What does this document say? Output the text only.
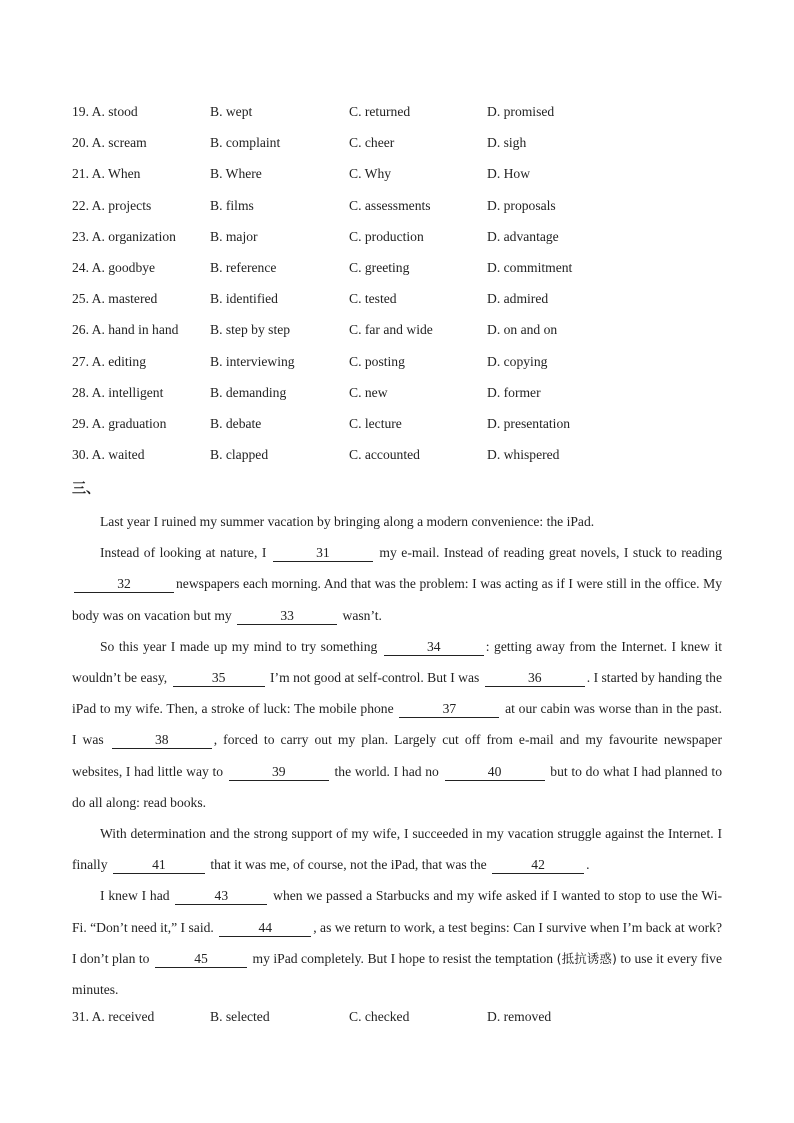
19. A. stood	B. wept	C. returned	D. promised
20. A. scream	B. complaint	C. cheer	D. sigh
21. A. When	B. Where	C. Why	D. How
22. A. projects	B. films	C. assessments	D. proposals
23. A. organization	B. major	C. production	D. advantage
24. A. goodbye	B. reference	C. greeting	D. commitment
25. A. mastered	B. identified	C. tested	D. admired
26. A. hand in hand B. step by step	C. far and wide	D. on and on
27. A. editing	B. interviewing	C. posting	D. copying
28. A. intelligent	B. demanding	C. new	D. former
29. A. graduation	B. debate	C. lecture	D. presentation
30. A. waited	B. clapped	C. accounted	D. whispered
三、

Last year I ruined my summer vacation by bringing along a modern convenience: the iPad.

Instead of looking at nature, I	31	my e-mail. Instead of reading great novels, I stuck to reading 32	newspapers each morning. And that was the problem: I was acting as if I were still in the office. My body was on vacation but my	33	wasn’t.

So this year I made up my mind to try something	34	: getting away from the Internet. I knew it wouldn’t be easy,	35	I’m not good at self-control. But I was	36	. I started by handing the iPad to my wife. Then, a stroke of luck: The mobile phone	37	at our cabin was worse than in the past. I was	38	, forced to carry out my plan. Largely cut off from e-mail and my favourite newspaper websites, I had little way to	39	the world. I had no	40	but to do what I had planned to do all along: read books.

With determination and the strong support of my wife, I succeeded in my vacation struggle against the Internet. I finally	41	that it was me, of course, not the iPad, that was the	42	.

I knew I had	43	when we passed a Starbucks and my wife asked if I wanted to stop to use the Wi-Fi. “Don’t need it,” I said.	44	, as we return to work, a test begins: Can I survive when I’m back at work? I don’t plan to	45	my iPad completely. But I hope to resist the temptation (抵抗诱惑) to use it every five minutes.

31. A. received	B. selected	C. checked	D. removed
